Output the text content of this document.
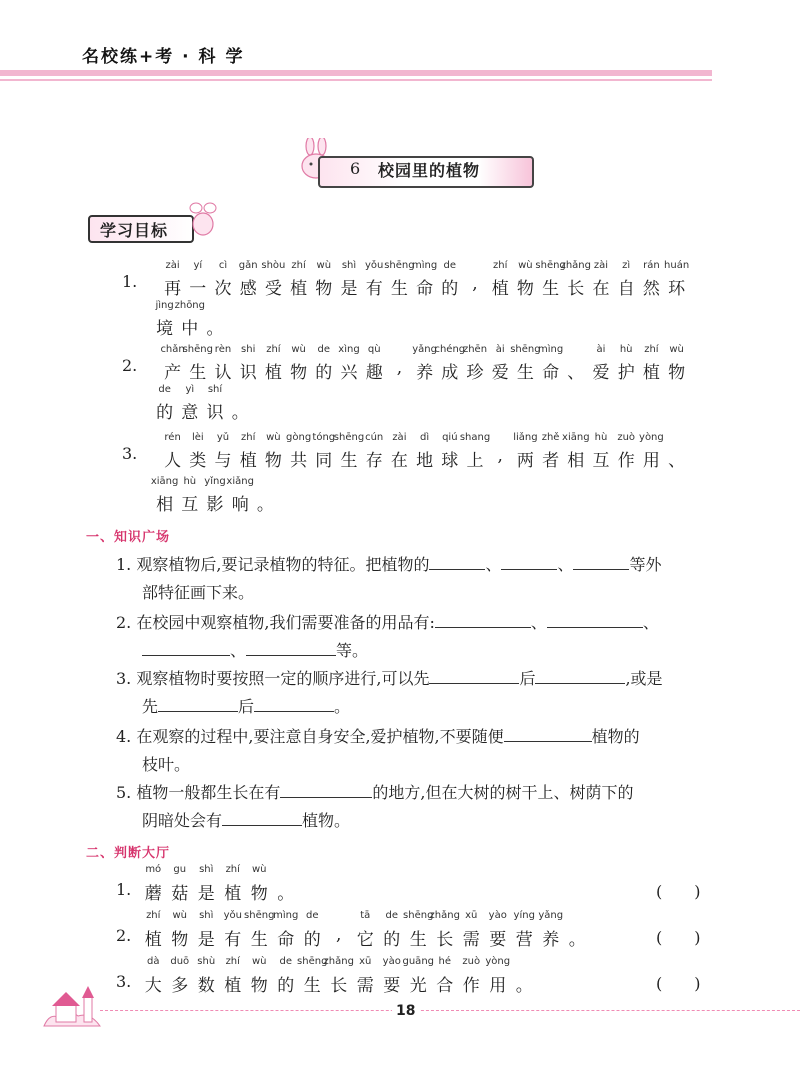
名校练+考 · 科 学
6 校园里的植物
学习目标
1.
zài yí cì gǎn shòu zhí wù shì yǒu shēng
mìng de	zhí wù shēng
zhǎng zài zì rán huán
再 一 次 感 受 植 物 是 有 生 命 的 , 植 物 生 长 在 自 然 环
jìng zhōng
境 中 。
2.
chǎn
shēng rèn shi zhí wù de xìng qù	yǎng
chéng
zhēn ài shēng
mìng	ài hù zhí wù
产 生 认 识 植 物 的 兴 趣 , 养 成 珍 爱 生 命 、 爱 护 植 物
de yì shí
的 意 识 。
3.
rén lèi yǔ zhí wù gòng tóng
shēng cún zài dì qiú shang liǎng zhě xiāng hù zuò yòng
人 类 与 植 物 共 同 生 存 在 地 球 上 , 两 者 相 互 作 用 、
xiāng hù yǐng xiǎng
相 互 影 响 。
一、知识广场
1. 观察植物后,要记录植物的特征。把植物的	、	、	等外
部特征画下来。
2. 在校园中观察植物,我们需要准备的用品有:	、	、
、	等。
3. 观察植物时要按照一定的顺序进行,可以先	后	,或是
先	后	。
4. 在观察的过程中,要注意自身安全,爱护植物,不要随便	植物的
枝叶。
5. 植物一般都生长在有	的地方,但在大树的树干上、树荫下的
阴暗处会有	植物。
二、判断大厅
1.
mó gu shì zhí wù
蘑 菇 是 植 物 。	(　　)
2.
zhí wù shì yǒu shēng
mìng de	tā de shēng
zhǎng xū yào yíng yǎng
植 物 是 有 生 命 的 , 它 的 生 长 需 要 营 养 。	(　　)
3.
dà duō shù zhí wù de shēng
zhǎng xū yào guāng hé zuò yòng
大 多 数 植 物 的 生 长 需 要 光 合 作 用 。	(　　)
18
